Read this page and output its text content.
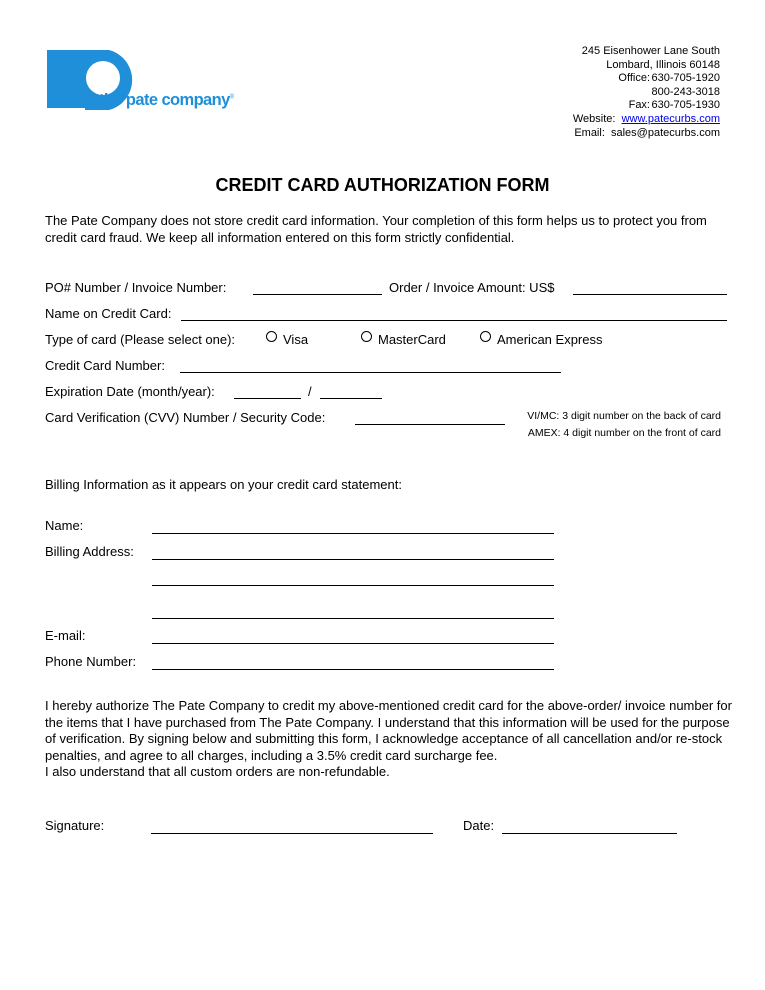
the pate company®
245 Eisenhower Lane South
Lombard, Illinois 60148
Office: 630-705-1920
800-243-3018
Fax: 630-705-1930
Website:
www.patecurbs.com
Email:
sales@patecurbs.com
CREDIT CARD AUTHORIZATION FORM
The Pate Company does not store credit card information. Your completion of this form helps us to protect you from credit card fraud. We keep all information entered on this form strictly confidential.
PO# Number / Invoice Number:	Order / Invoice Amount: US$
Name on Credit Card:
Type of card (Please select one):	Visa	MasterCard	American Express
Credit Card Number:
Expiration Date (month/year):	/
Card Verification (CVV) Number / Security Code:	VI/MC: 3 digit number on the back of card
AMEX: 4 digit number on the front of card
Billing Information as it appears on your credit card statement:
Name:
Billing Address:
E-mail:
Phone Number:
I hereby authorize The Pate Company to credit my above-mentioned credit card for the above-order/ invoice number for the items that I have purchased from The Pate Company. I understand that this information will be used for the purpose of verification. By signing below and submitting this form, I acknowledge acceptance of all cancellation and/or re-stock penalties, and agree to all charges, including a 3.5% credit card surcharge fee.
I also understand that all custom orders are non-refundable.
Signature:	Date:
